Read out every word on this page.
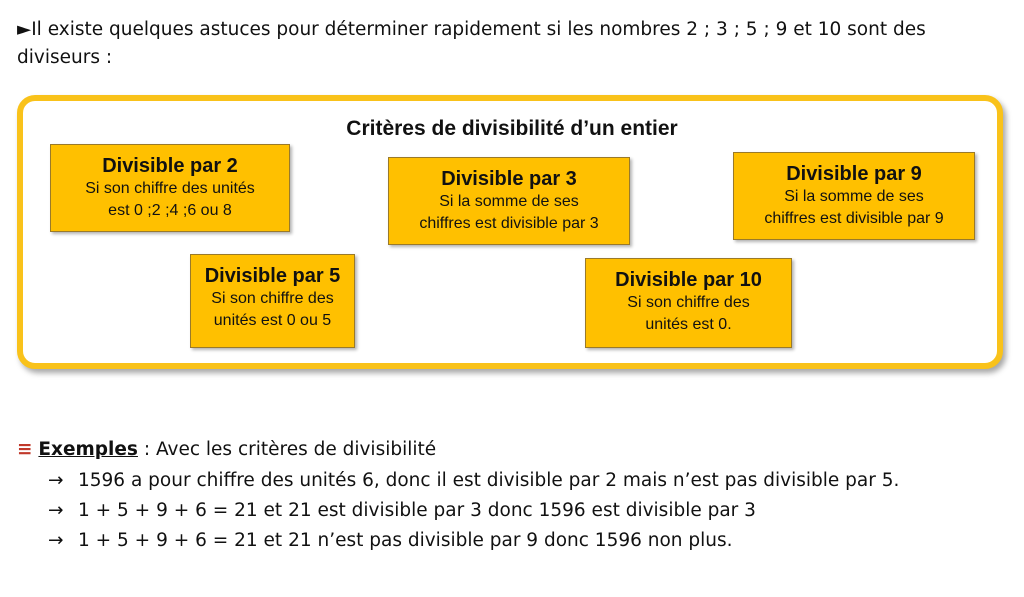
►Il existe quelques astuces pour déterminer rapidement si les nombres 2 ; 3 ; 5 ; 9 et 10 sont des diviseurs :

Critères de divisibilité d’un entier

Divisible par 2
Si son chiffre des unités
est 0 ;2 ;4 ;6 ou 8
Divisible par 3
Si la somme de ses
chiffres est divisible par 3
Divisible par 9
Si la somme de ses
chiffres est divisible par 9
Divisible par 5
Si son chiffre des
unités est 0 ou 5
Divisible par 10
Si son chiffre des
unités est 0.
≡ Exemples : Avec les critères de divisibilité
→ 1596 a pour chiffre des unités 6, donc il est divisible par 2 mais n’est pas divisible par 5.
→ 1 + 5 + 9 + 6 = 21 et 21 est divisible par 3 donc 1596 est divisible par 3
→ 1 + 5 + 9 + 6 = 21 et 21 n’est pas divisible par 9 donc 1596 non plus.
